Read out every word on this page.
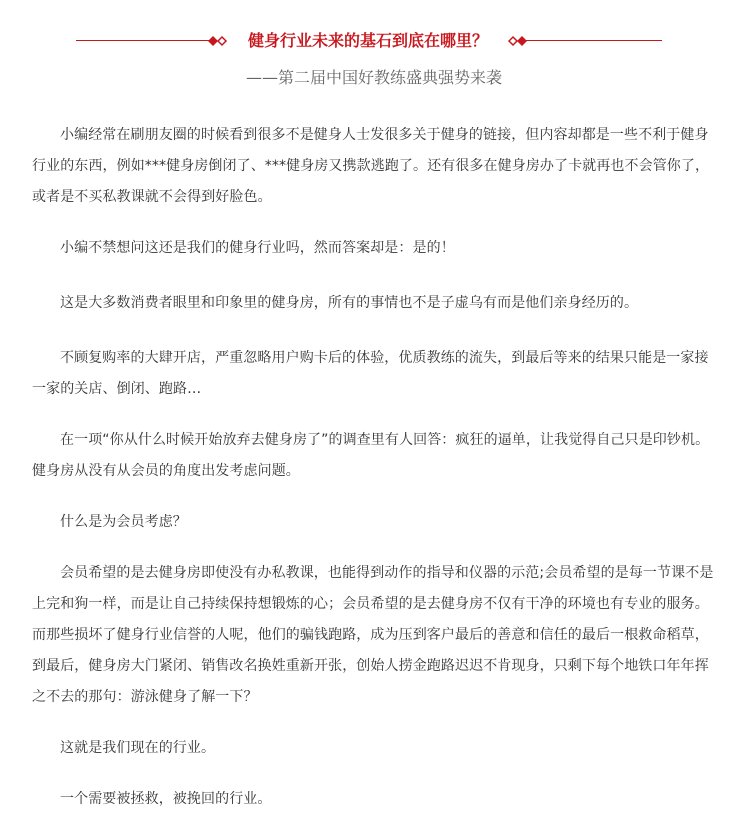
健身行业未来的基石到底在哪里？
——第二届中国好教练盛典强势来袭

小编经常在刷朋友圈的时候看到很多不是健身人士发很多关于健身的链接，但内容却都是一些不利于健身行业的东西，例如***健身房倒闭了、***健身房又携款逃跑了。还有很多在健身房办了卡就再也不会管你了，或者是不买私教课就不会得到好脸色。

小编不禁想问这还是我们的健身行业吗，然而答案却是：是的！

这是大多数消费者眼里和印象里的健身房，所有的事情也不是子虚乌有而是他们亲身经历的。

不顾复购率的大肆开店，严重忽略用户购卡后的体验，优质教练的流失，到最后等来的结果只能是一家接一家的关店、倒闭、跑路…

在一项“你从什么时候开始放弃去健身房了”的调查里有人回答：疯狂的逼单，让我觉得自己只是印钞机。健身房从没有从会员的角度出发考虑问题。

什么是为会员考虑？

会员希望的是去健身房即使没有办私教课，也能得到动作的指导和仪器的示范;会员希望的是每一节课不是上完和狗一样，而是让自己持续保持想锻炼的心；会员希望的是去健身房不仅有干净的环境也有专业的服务。而那些损坏了健身行业信誉的人呢，他们的骗钱跑路，成为压到客户最后的善意和信任的最后一根救命稻草，到最后，健身房大门紧闭、销售改名换姓重新开张，创始人捞金跑路迟迟不肯现身，只剩下每个地铁口年年挥之不去的那句：游泳健身了解一下？

这就是我们现在的行业。

一个需要被拯救，被挽回的行业。
